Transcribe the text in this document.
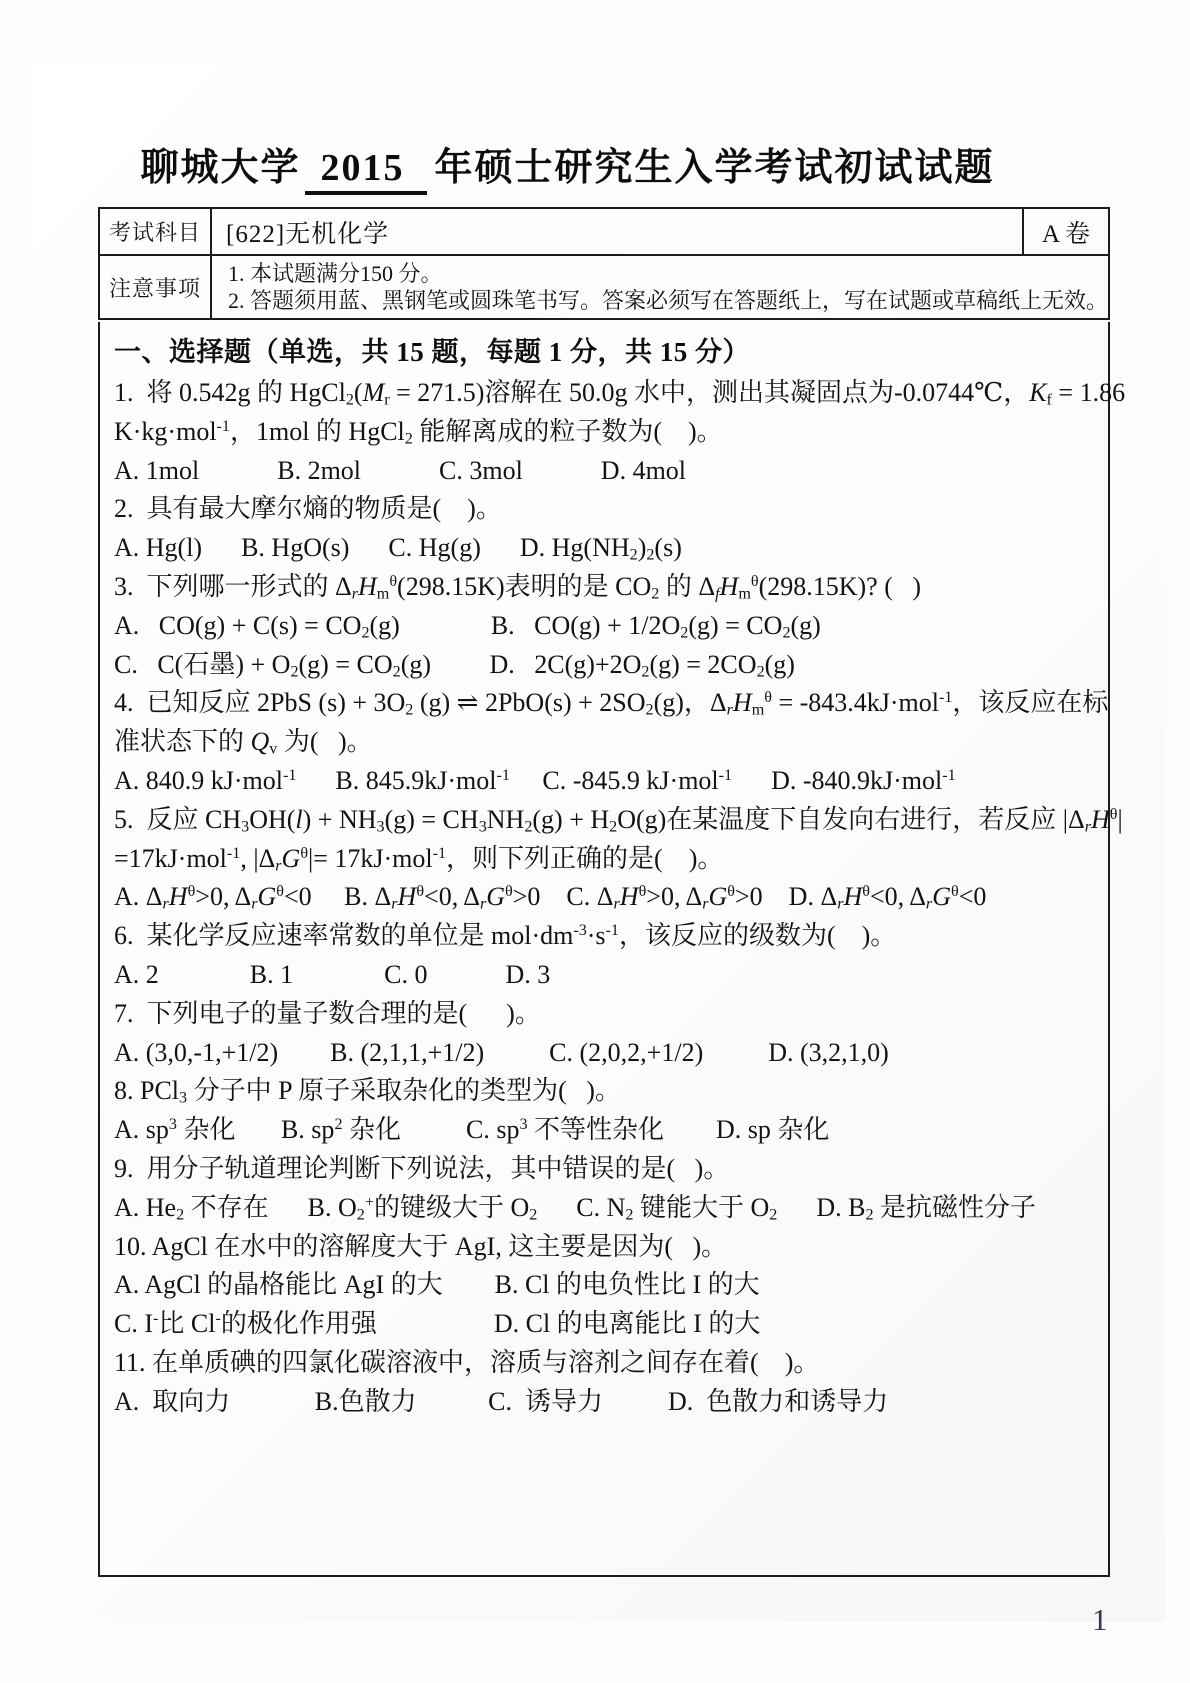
聊城大学 2015 年硕士研究生入学考试初试试题
考试科目	[622]无机化学	A 卷
注意事项	1. 本试题满分150 分。
2. 答题须用蓝、黑钢笔或圆珠笔书写。答案必须写在答题纸上，写在试题或草稿纸上无效。	
一、选择题（单选，共 15 题，每题 1 分，共 15 分）
1.  将 0.542g 的 $HgCl_2(M_r = 271.5)$溶解在 50.0g 水中，测出其凝固点为-0.0744℃，$K_f = 1.86$
K·kg·mol$^{-1}$，1mol 的 HgCl$_2$ 能解离成的粒子数为(    )。
A. 1mol            B. 2mol            C. 3mol            D. 4mol
2.  具有最大摩尔熵的物质是(    )。
A. Hg(l)      B. HgO(s)      C. Hg(g)      D. $Hg(NH_2)_2(s)$
3.  下列哪一形式的 $\Delta_rH_m^\theta(298.15K)$表明的是 $CO_2$ 的 $\Delta_fH_m^\theta(298.15K)$? (   )
A.   $CO(g) + C(s) = CO_2(g)$              B.   $CO(g) + 1/2O_2(g) = CO_2(g)$
C.   C(石墨) + $O_2(g) = CO_2(g)$         D.   $2C(g)+2O_2(g) = 2CO_2(g)$
4.  已知反应 2PbS $(s) + 3O_2$ (g) ⇌ $2PbO(s) + 2SO_2(g)$，$\Delta_rH_m^\theta = -843.4kJ\cdot mol^{-1}$，该反应在标
准状态下的 $Q_v$ 为(   )。
A. 840.9 kJ·mol$^{-1}$      B. 845.9kJ·mol$^{-1}$     C. -845.9 kJ·mol$^{-1}$      D. -840.9kJ·mol$^{-1}$
5.  反应 $CH_3OH(l) + NH_3(g) = CH_3NH_2(g) + H_2O(g)$在某温度下自发向右进行，若反应 $|\Delta_rH^\theta$
=17kJ·mol$^{-1}$, $|\Delta_rG^\theta|= 17kJ\cdot mol^{-1}$，则下列正确的是(    )。
A. $\Delta_rH^\theta>0$, $\Delta_rG^\theta<0$     B. $\Delta_rH^\theta<0$, $\Delta_rG^\theta>0$    C. $\Delta_rH^\theta>0$, $\Delta_rG^\theta>0$    D. $\Delta_rH^\theta<0$, $\Delta_rG^\theta<0$
6.  某化学反应速率常数的单位是 $mol\cdot dm^{-3}\cdot s^{-1}$，该反应的级数为(    )。
A. 2              B. 1              C. 0            D. 3
7.  下列电子的量子数合理的是(      )。
A. (3,0,-1,+1/2)        B. (2,1,1,+1/2)          C. (2,0,2,+1/2)          D. (3,2,1,0)
8. PCl$_3$ 分子中 P 原子采取杂化的类型为(   )。
A. $sp^3$ 杂化       B. $sp^2$ 杂化          C. $sp^3$ 不等性杂化        D. sp 杂化
9.  用分子轨道理论判断下列说法，其中错误的是(   )。
A. $He_2$ 不存在      B. $O_2^+$的键级大于 $O_2$      C. $N_2$ 键能大于 $O_2$      D. $B_2$ 是抗磁性分子
10. AgCl 在水中的溶解度大于 AgI, 这主要是因为(   )。
A. AgCl 的晶格能比 AgI 的大        B. Cl 的电负性比 I 的大
C. I-比 Cl-的极化作用强                  D. Cl 的电离能比 I 的大
11. 在单质碘的四氯化碳溶液中，溶质与溶剂之间存在着(    )。
A.  取向力             B.色散力           C.  诱导力          D.  色散力和诱导力
1
